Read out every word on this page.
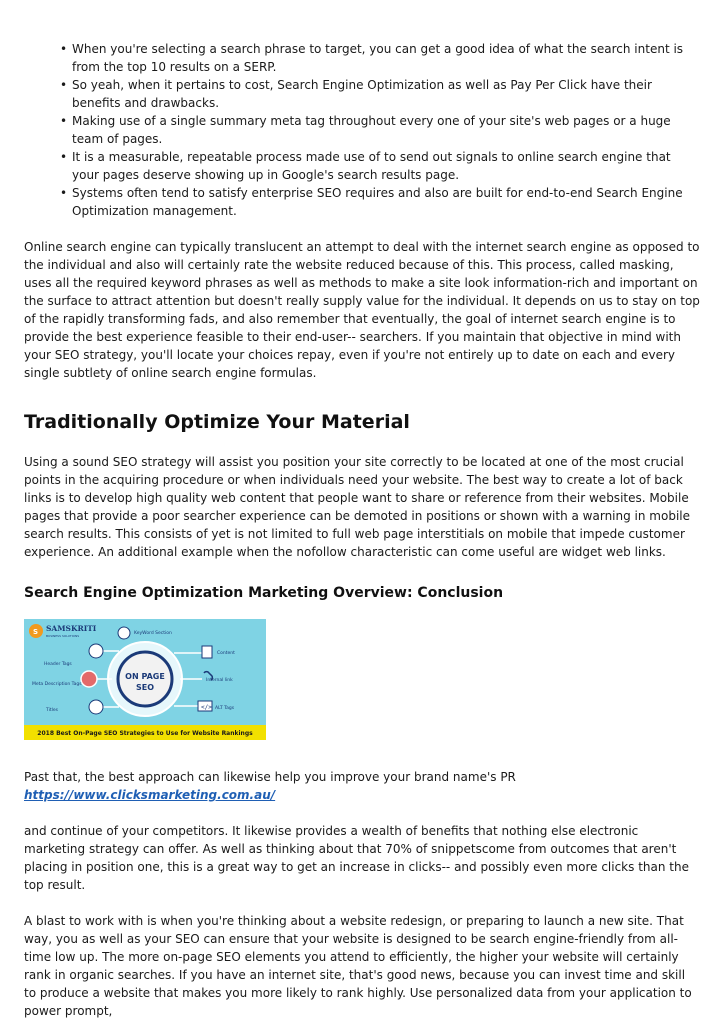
• When you're selecting a search phrase to target, you can get a good idea of what the search intent is from the top 10 results on a SERP.
• So yeah, when it pertains to cost, Search Engine Optimization as well as Pay Per Click have their benefits and drawbacks.
• Making use of a single summary meta tag throughout every one of your site's web pages or a huge team of pages.
• It is a measurable, repeatable process made use of to send out signals to online search engine that your pages deserve showing up in Google's search results page.
• Systems often tend to satisfy enterprise SEO requires and also are built for end-to-end Search Engine Optimization management.

Online search engine can typically translucent an attempt to deal with the internet search engine as opposed to the individual and also will certainly rate the website reduced because of this. This process, called masking, uses all the required keyword phrases as well as methods to make a site look information-rich and important on the surface to attract attention but doesn't really supply value for the individual. It depends on us to stay on top of the rapidly transforming fads, and also remember that eventually, the goal of internet search engine is to provide the best experience feasible to their end-user-- searchers. If you maintain that objective in mind with your SEO strategy, you'll locate your choices repay, even if you're not entirely up to date on each and every single subtlety of online search engine formulas.

Traditionally Optimize Your Material

Using a sound SEO strategy will assist you position your site correctly to be located at one of the most crucial points in the acquiring procedure or when individuals need your website. The best way to create a lot of back links is to develop high quality web content that people want to share or reference from their websites. Mobile pages that provide a poor searcher experience can be demoted in positions or shown with a warning in mobile search results. This consists of yet is not limited to full web page interstitials on mobile that impede customer experience. An additional example when the nofollow characteristic can come useful are widget web links.

Search Engine Optimization Marketing Overview: Conclusion
S SAMSKRITI
BUSINESS SOLUTIONS
ON PAGE
SEO
</>
KeyWord Section
Header Tags
Meta Description Tags
Titles
Content
Internal link
ALT Tags
2018 Best On-Page SEO Strategies to Use for Website Rankings

Past that, the best approach can likewise help you improve your brand name's PR
https://www.clicksmarketing.com.au/

and continue of your competitors. It likewise provides a wealth of benefits that nothing else electronic marketing strategy can offer. As well as thinking about that 70% of snippetscome from outcomes that aren't placing in position one, this is a great way to get an increase in clicks-- and possibly even more clicks than the top result.

A blast to work with is when you're thinking about a website redesign, or preparing to launch a new site. That way, you as well as your SEO can ensure that your website is designed to be search engine-friendly from all-time low up. The more on-page SEO elements you attend to efficiently, the higher your website will certainly rank in organic searches. If you have an internet site, that's good news, because you can invest time and skill to produce a website that makes you more likely to rank highly. Use personalized data from your application to power prompt,
